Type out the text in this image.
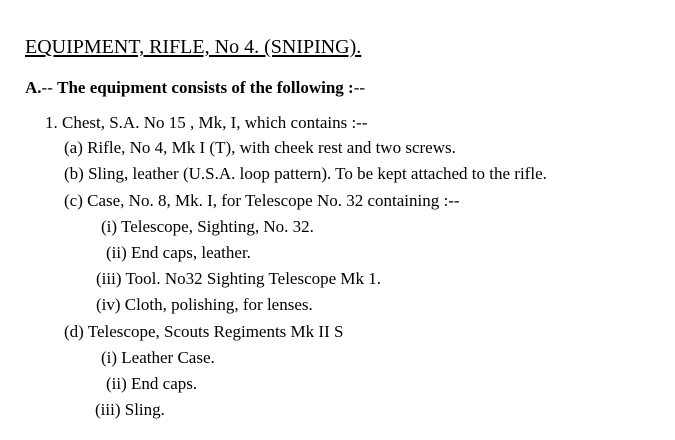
EQUIPMENT, RIFLE, No 4. (SNIPING).
A.-- The equipment consists of the following :--
1. Chest, S.A. No 15 , Mk, I, which contains :--
(a) Rifle, No 4, Mk I (T), with cheek rest and two screws.
(b) Sling, leather (U.S.A. loop pattern). To be kept attached to the rifle.
(c) Case, No. 8, Mk. I, for Telescope No. 32 containing :--
(i) Telescope, Sighting, No. 32.
(ii) End caps, leather.
(iii) Tool. No32 Sighting Telescope Mk 1.
(iv) Cloth, polishing, for lenses.
(d) Telescope, Scouts Regiments Mk II S
(i) Leather Case.
(ii) End caps.
(iii) Sling.
